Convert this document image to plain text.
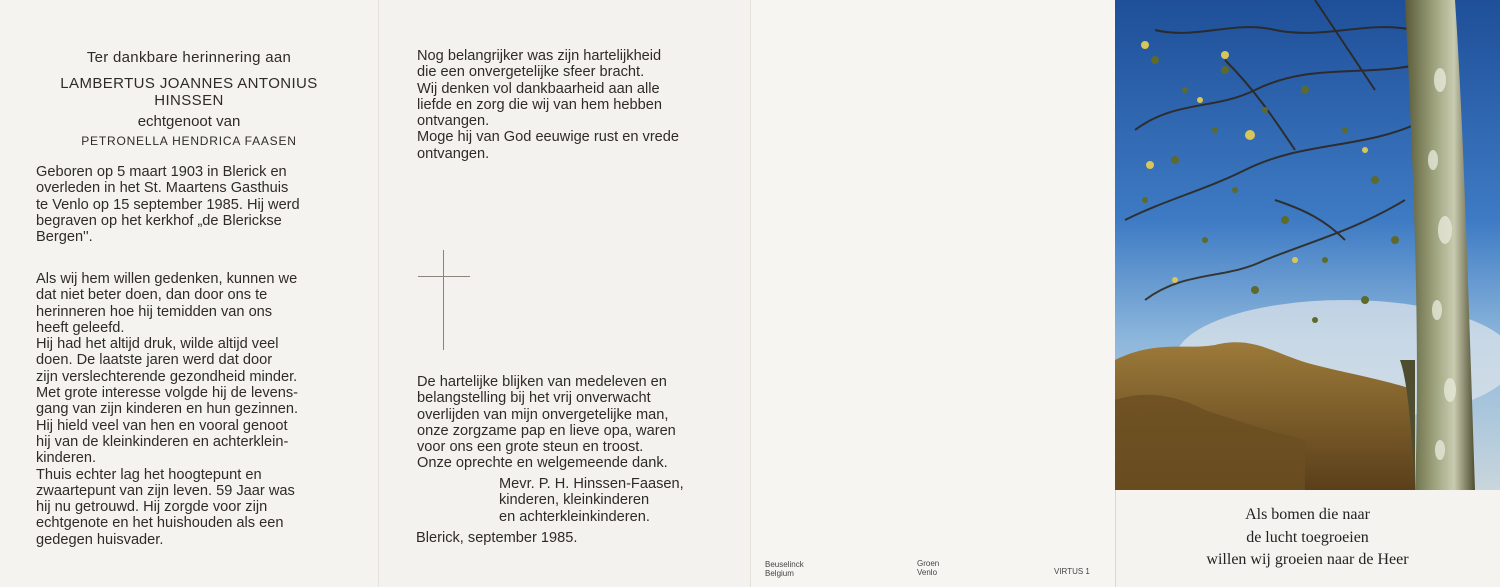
Ter dankbare herinnering aan
LAMBERTUS JOANNES ANTONIUS
HINSSEN
echtgenoot van
PETRONELLA HENDRICA FAASEN
Geboren op 5 maart 1903 in Blerick en
overleden in het St. Maartens Gasthuis
te Venlo op 15 september 1985. Hij werd
begraven op het kerkhof „de Blerickse
Bergen''.
Als wij hem willen gedenken, kunnen we
dat niet beter doen, dan door ons te
herinneren hoe hij temidden van ons
heeft geleefd.
Hij had het altijd druk, wilde altijd veel
doen. De laatste jaren werd dat door
zijn verslechterende gezondheid minder.
Met grote interesse volgde hij de levens-
gang van zijn kinderen en hun gezinnen.
Hij hield veel van hen en vooral genoot
hij van de kleinkinderen en achterklein-
kinderen.
Thuis echter lag het hoogtepunt en
zwaartepunt van zijn leven. 59 Jaar was
hij nu getrouwd. Hij zorgde voor zijn
echtgenote en het huishouden als een
gedegen huisvader.
Nog belangrijker was zijn hartelijkheid
die een onvergetelijke sfeer bracht.
Wij denken vol dankbaarheid aan alle
liefde en zorg die wij van hem hebben
ontvangen.
Moge hij van God eeuwige rust en vrede
ontvangen.
De hartelijke blijken van medeleven en
belangstelling bij het vrij onverwacht
overlijden van mijn onvergetelijke man,
onze zorgzame pap en lieve opa, waren
voor ons een grote steun en troost.
Onze oprechte en welgemeende dank.
Mevr. P. H. Hinssen-Faasen,
kinderen, kleinkinderen
en achterkleinkinderen.
Blerick, september 1985.
Beuselinck
Belgium
Groen
Venlo	VIRTUS 1
Als bomen die naar
de lucht toegroeien
willen wij groeien naar de Heer
